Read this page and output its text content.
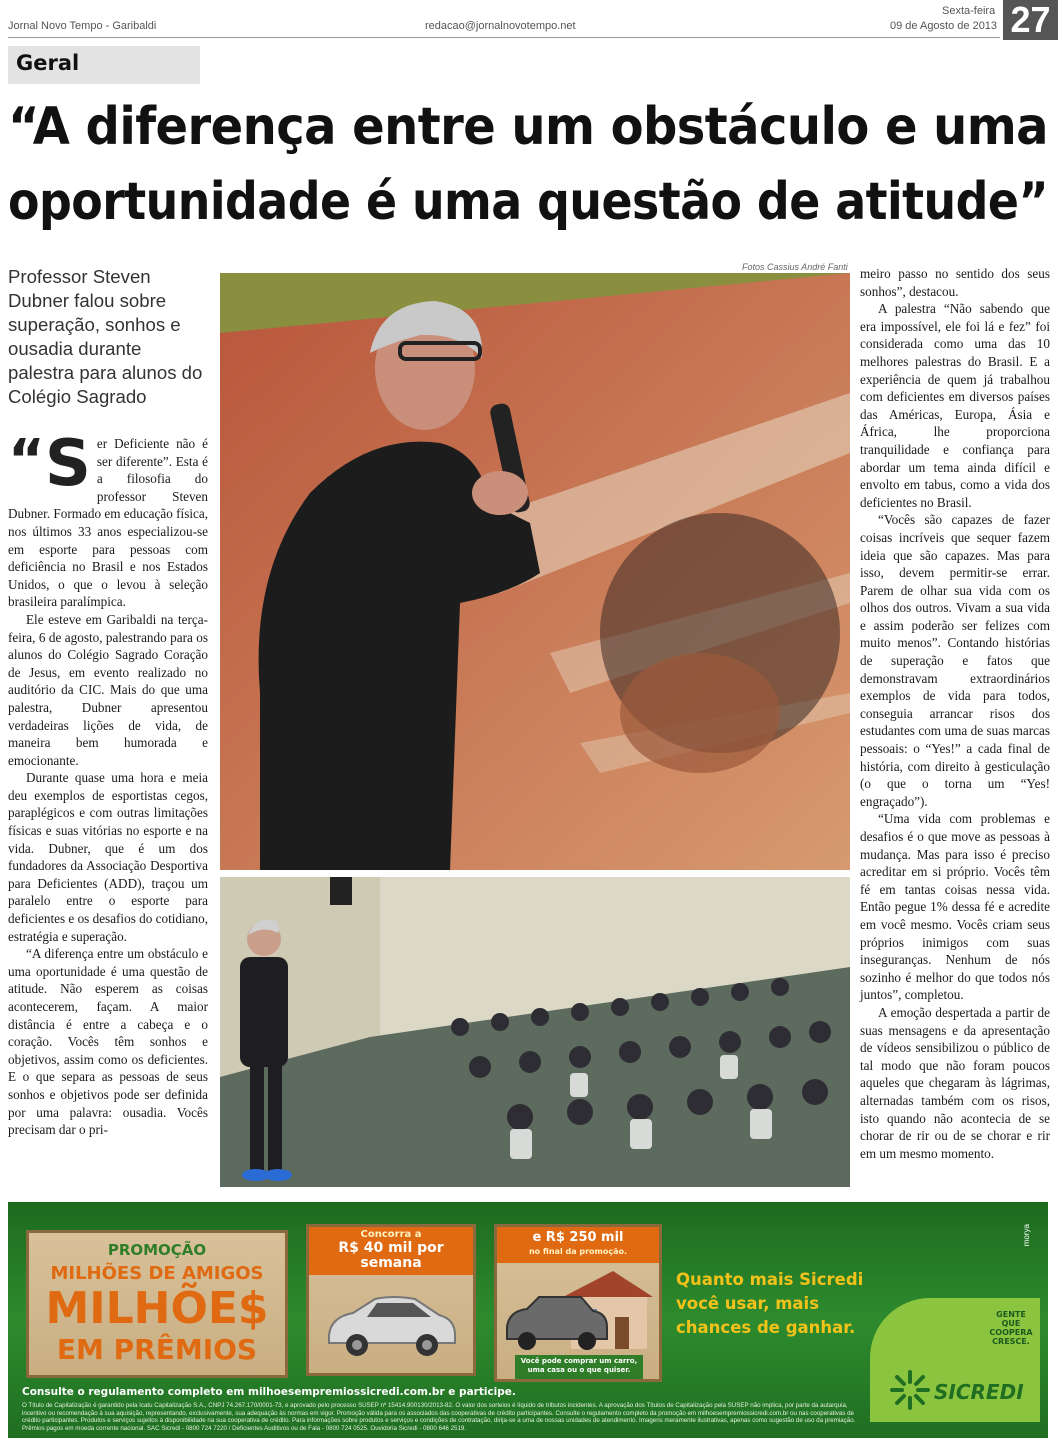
Jornal Novo Tempo - Garibaldi	redacao@jornalnovotempo.net
Sexta-feira
09 de Agosto de 2013 27
Geral
“A diferença entre um obstáculo e uma
oportunidade é uma questão de atitude”
Professor Steven Dubner falou sobre superação, sonhos e ousadia durante palestra para alunos do Colégio Sagrado

“ S er Deficiente não é ser diferente”. Esta é a filosofia do professor Steven Dubner. Formado em educação física, nos últimos 33 anos especializou-se em esporte para pessoas com deficiência no Brasil e nos Estados Unidos, o que o levou à seleção brasileira paralímpica.

Ele esteve em Garibaldi na terça-feira, 6 de agosto, palestrando para os alunos do Colégio Sagrado Coração de Jesus, em evento realizado no auditório da CIC. Mais do que uma palestra, Dubner apresentou verdadeiras lições de vida, de maneira bem humorada e emocionante.

Durante quase uma hora e meia deu exemplos de esportistas cegos, paraplégicos e com outras limitações físicas e suas vitórias no esporte e na vida. Dubner, que é um dos fundadores da Associação Desportiva para Deficientes (ADD), traçou um paralelo entre o esporte para deficientes e os desafios do cotidiano, estratégia e superação.

“A diferença entre um obstáculo e uma oportunidade é uma questão de atitude. Não esperem as coisas acontecerem, façam. A maior distância é entre a cabeça e o coração. Vocês têm sonhos e objetivos, assim como os deficientes. E o que separa as pessoas de seus sonhos e objetivos pode ser definida por uma palavra: ousadia. Vocês precisam dar o pri-

Fotos Cassius André Fanti meiro passo no sentido dos seus sonhos”, destacou.

A palestra “Não sabendo que era impossível, ele foi lá e fez” foi considerada como uma das 10 melhores palestras do Brasil. E a experiência de quem já trabalhou com deficientes em diversos países das Américas, Europa, Ásia e África, lhe proporciona tranquilidade e confiança para abordar um tema ainda difícil e envolto em tabus, como a vida dos deficientes no Brasil.

“Vocês são capazes de fazer coisas incríveis que sequer fazem ideia que são capazes. Mas para isso, devem permitir-se errar. Parem de olhar sua vida com os olhos dos outros. Vivam a sua vida e assim poderão ser felizes com muito menos”. Contando histórias de superação e fatos que demonstravam extraordinários exemplos de vida para todos, conseguia arrancar risos dos estudantes com uma de suas marcas pessoais: o “Yes!” a cada final de história, com direito à gesticulação (o que o torna um “Yes! engraçado”).

“Uma vida com problemas e desafios é o que move as pessoas à mudança. Mas para isso é preciso acreditar em si próprio. Vocês têm fé em tantas coisas nessa vida. Então pegue 1% dessa fé e acredite em você mesmo. Vocês criam seus próprios inimigos com suas inseguranças. Nenhum de nós sozinho é melhor do que todos nós juntos”, completou.

A emoção despertada a partir de suas mensagens e da apresentação de vídeos sensibilizou o público de tal modo que não foram poucos aqueles que chegaram às lágrimas, alternadas também com os risos, isto quando não acontecia de se chorar de rir ou de se chorar e rir em um mesmo momento.

PROMOÇÃO
MILHÕES DE AMIGOS
MILHÕE$
EM PRÊMIOS
Concorra a
R$ 40 mil por semana
e R$ 250 mil
no final da promoção.
Você pode comprar um carro, uma casa ou o que quiser.
Quanto mais Sicredi você usar, mais chances de ganhar.
morya
GENTE QUE COOPERA CRESCE.
SICREDI
Consulte o regulamento completo em milhoesempremiossicredi.com.br e participe.
O Título de Capitalização é garantido pela Icatu Capitalização S.A., CNPJ 74.267.170/0001-73, e aprovado pelo processo SUSEP nº 15414.900130/2013-82. O valor dos sorteios é líquido de tributos incidentes. A aprovação dos Títulos de Capitalização pela SUSEP não implica, por parte da autarquia, incentivo ou recomendação à sua aquisição, representando, exclusivamente, sua adequação às normas em vigor. Promoção válida para os associados das cooperativas de crédito participantes. Consulte o regulamento completo da promoção em milhoesempremiossicredi.com.br ou nas cooperativas de crédito participantes. Produtos e serviços sujeitos à disponibilidade na sua cooperativa de crédito. Para informações sobre produtos e serviços e condições de contratação, dirija-se a uma de nossas unidades de atendimento. Imagens meramente ilustrativas, apenas como sugestão de uso da premiação. Prêmios pagos em moeda corrente nacional. SAC Sicredi - 0800 724 7220 / Deficientes Auditivos ou de Fala - 0800 724 0525. Ouvidoria Sicredi - 0800 646 2519.
